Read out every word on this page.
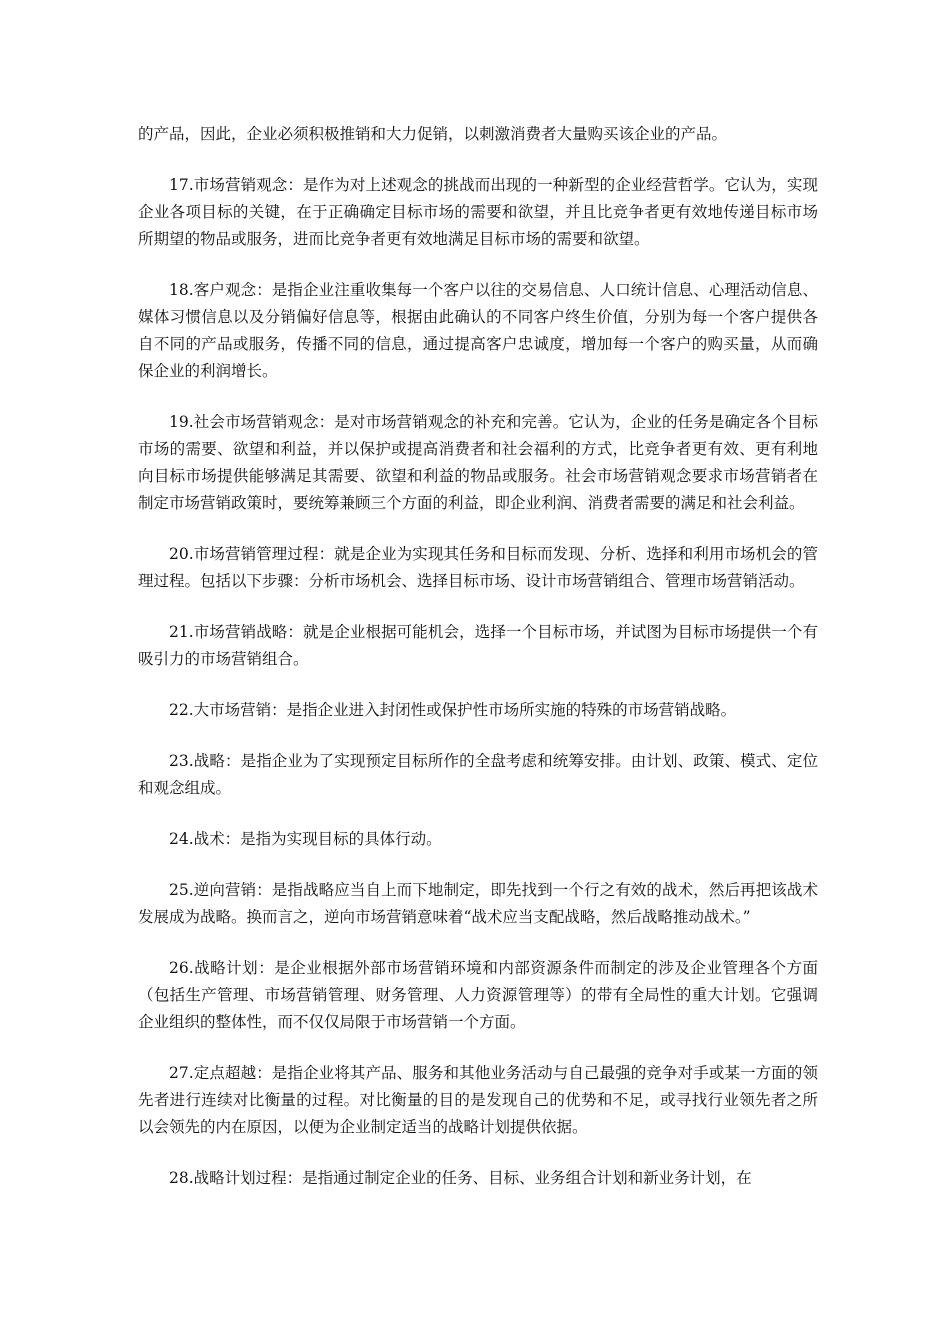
的产品，因此，企业必须积极推销和大力促销，以刺激消费者大量购买该企业的产品。

17.市场营销观念：是作为对上述观念的挑战而出现的一种新型的企业经营哲学。它认为，实现企业各项目标的关键，在于正确确定目标市场的需要和欲望，并且比竞争者更有效地传递目标市场所期望的物品或服务，进而比竞争者更有效地满足目标市场的需要和欲望。

18.客户观念：是指企业注重收集每一个客户以往的交易信息、人口统计信息、心理活动信息、媒体习惯信息以及分销偏好信息等，根据由此确认的不同客户终生价值，分别为每一个客户提供各自不同的产品或服务，传播不同的信息，通过提高客户忠诚度，增加每一个客户的购买量，从而确保企业的利润增长。

19.社会市场营销观念：是对市场营销观念的补充和完善。它认为，企业的任务是确定各个目标市场的需要、欲望和利益，并以保护或提高消费者和社会福利的方式，比竞争者更有效、更有利地向目标市场提供能够满足其需要、欲望和利益的物品或服务。社会市场营销观念要求市场营销者在制定市场营销政策时，要统筹兼顾三个方面的利益，即企业利润、消费者需要的满足和社会利益。

20.市场营销管理过程：就是企业为实现其任务和目标而发现、分析、选择和利用市场机会的管理过程。包括以下步骤：分析市场机会、选择目标市场、设计市场营销组合、管理市场营销活动。

21.市场营销战略：就是企业根据可能机会，选择一个目标市场，并试图为目标市场提供一个有吸引力的市场营销组合。

22.大市场营销：是指企业进入封闭性或保护性市场所实施的特殊的市场营销战略。

23.战略：是指企业为了实现预定目标所作的全盘考虑和统筹安排。由计划、政策、模式、定位和观念组成。

24.战术：是指为实现目标的具体行动。

25.逆向营销：是指战略应当自上而下地制定，即先找到一个行之有效的战术，然后再把该战术发展成为战略。换而言之，逆向市场营销意味着“战术应当支配战略，然后战略推动战术。”

26.战略计划：是企业根据外部市场营销环境和内部资源条件而制定的涉及企业管理各个方面（包括生产管理、市场营销管理、财务管理、人力资源管理等）的带有全局性的重大计划。它强调企业组织的整体性，而不仅仅局限于市场营销一个方面。

27.定点超越：是指企业将其产品、服务和其他业务活动与自己最强的竞争对手或某一方面的领先者进行连续对比衡量的过程。对比衡量的目的是发现自己的优势和不足，或寻找行业领先者之所以会领先的内在原因，以便为企业制定适当的战略计划提供依据。

28.战略计划过程：是指通过制定企业的任务、目标、业务组合计划和新业务计划，在
